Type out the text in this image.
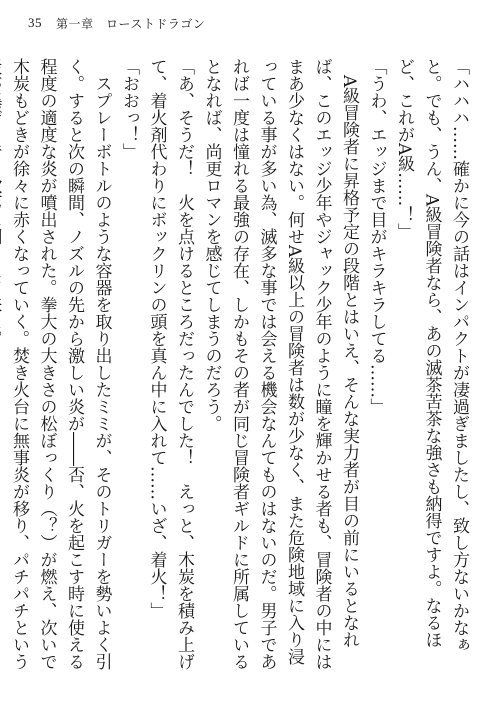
35 第一章　ローストドラゴン

「ハハハ……確かに今の話はインパクトが凄過ぎましたし、致し方ないかなぁと。でも、うん、A級冒険者なら、あの滅茶苦茶な強さも納得ですよ。なるほど、これがA級……！」

「うわ、エッジまで目がキラキラしてる……」

A級冒険者に昇格予定の段階とはいえ、そんな実力者が目の前にいるとなれば、このエッジ少年やジャック少年のように瞳を輝かせる者も、冒険者の中にはまあ少なくはない。何せA級以上の冒険者は数が少なく、また危険地域に入り浸っている事が多い為、滅多な事では会える機会なんてものはないのだ。男子であれば一度は憧れる最強の存在、しかもその者が同じ冒険者ギルドに所属しているとなれば、尚更ロマンを感じてしまうのだろう。

「あ、そうだ！　火を点けるところだったんでした！　えっと、木炭を積み上げて、着火剤代わりにボックリンの頭を真ん中に入れて……いざ、着火！」

「おおっ！」

スプレーボトルのような容器を取り出したミミが、そのトリガーを勢いよく引く。すると次の瞬間、ノズルの先から激しい炎が――否、火を起こす時に使える程度の適度な炎が噴出された。拳大の大きさの松ぼっくり（？）が燃え、次いで木炭もどきが徐々に赤くなっていく。焚き火台に無事炎が移り、パチパチという
